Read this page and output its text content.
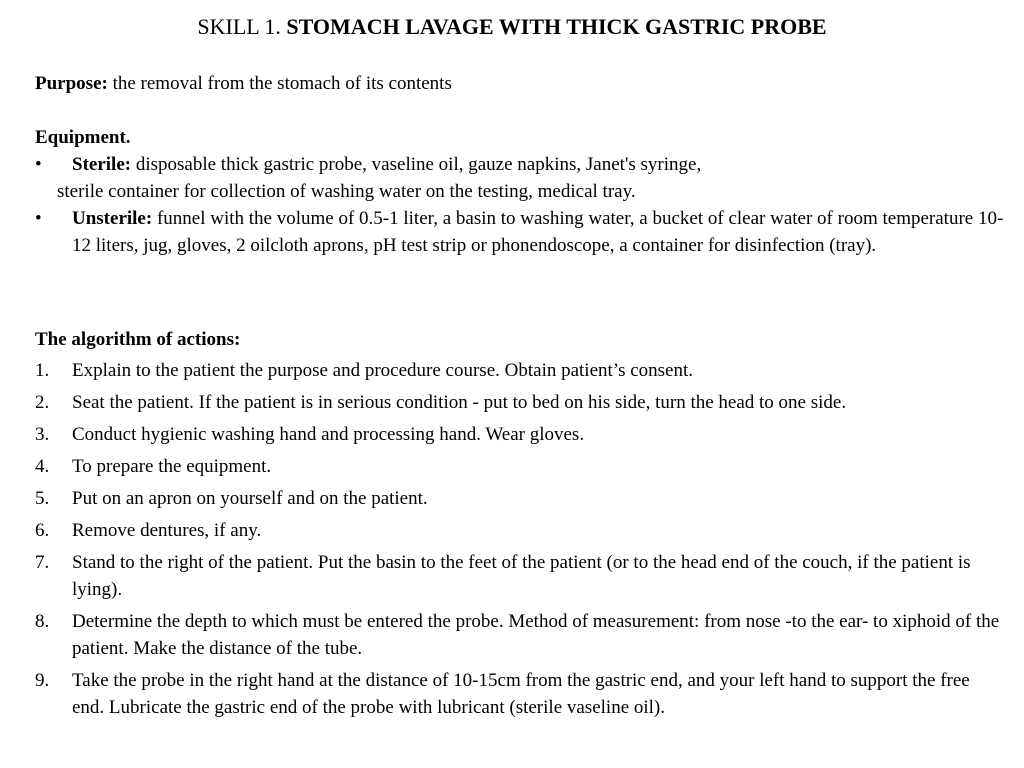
SKILL 1. STOMACH LAVAGE WITH THICK GASTRIC PROBE
Purpose: the removal from the stomach of its contents
Equipment.
•	Sterile: disposable thick gastric probe, vaseline oil, gauze napkins, Janet's syringe,
sterile container for collection of washing water on the testing, medical tray.
•	Unsterile: funnel with the volume of 0.5-1 liter, a basin to washing water, a bucket of clear water of room temperature 10-12 liters, jug, gloves, 2 oilcloth aprons, pH test strip or phonendoscope, a container for disinfection (tray).
The algorithm of actions:
1.	Explain to the patient the purpose and procedure course. Obtain patient’s consent.
2.	Seat the patient. If the patient is in serious condition - put to bed on his side, turn the head to one side.
3.	Conduct hygienic washing hand and processing hand. Wear gloves.
4.	To prepare the equipment.
5.	Put on an apron on yourself and on the patient.
6.	Remove dentures, if any.
7.	Stand to the right of the patient. Put the basin to the feet of the patient (or to the head end of the couch, if the patient is lying).
8.	Determine the depth to which must be entered the probe. Method of measurement: from nose -to the ear- to xiphoid of the patient. Make the distance of the tube.
9.	Take the probe in the right hand at the distance of 10-15cm from the gastric end, and your left hand to support the free end. Lubricate the gastric end of the probe with lubricant (sterile vaseline oil).
